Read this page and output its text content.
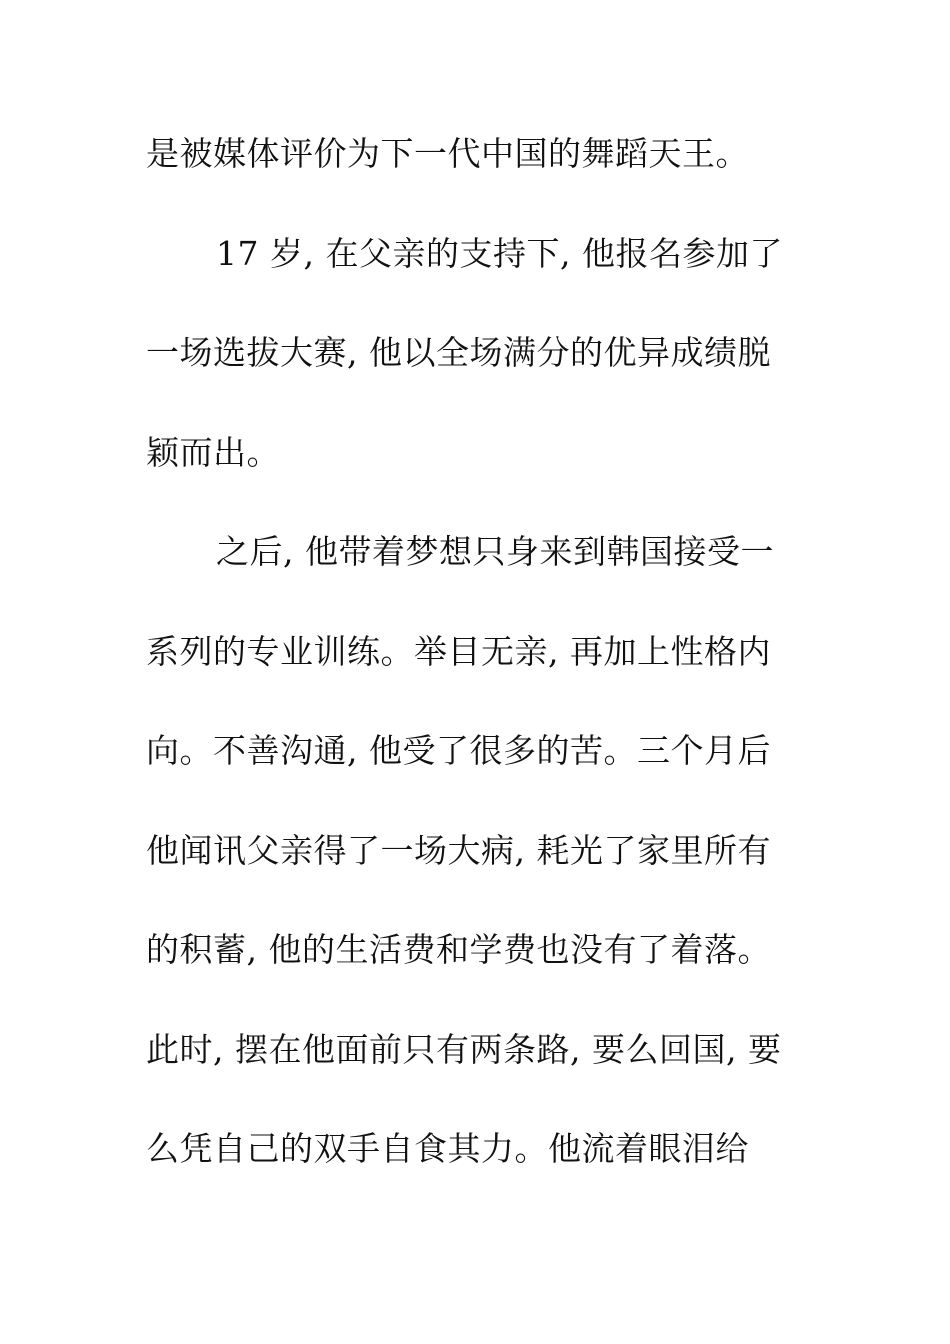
是被媒体评价为下一代中国的舞蹈天王。
17 岁, 在父亲的支持下, 他报名参加了
一场选拔大赛, 他以全场满分的优异成绩脱
颖而出。
之后, 他带着梦想只身来到韩国接受一
系列的专业训练。举目无亲, 再加上性格内
向。不善沟通, 他受了很多的苦。三个月后
他闻讯父亲得了一场大病, 耗光了家里所有
的积蓄, 他的生活费和学费也没有了着落。
此时, 摆在他面前只有两条路, 要么回国, 要
么凭自己的双手自食其力。他流着眼泪给
